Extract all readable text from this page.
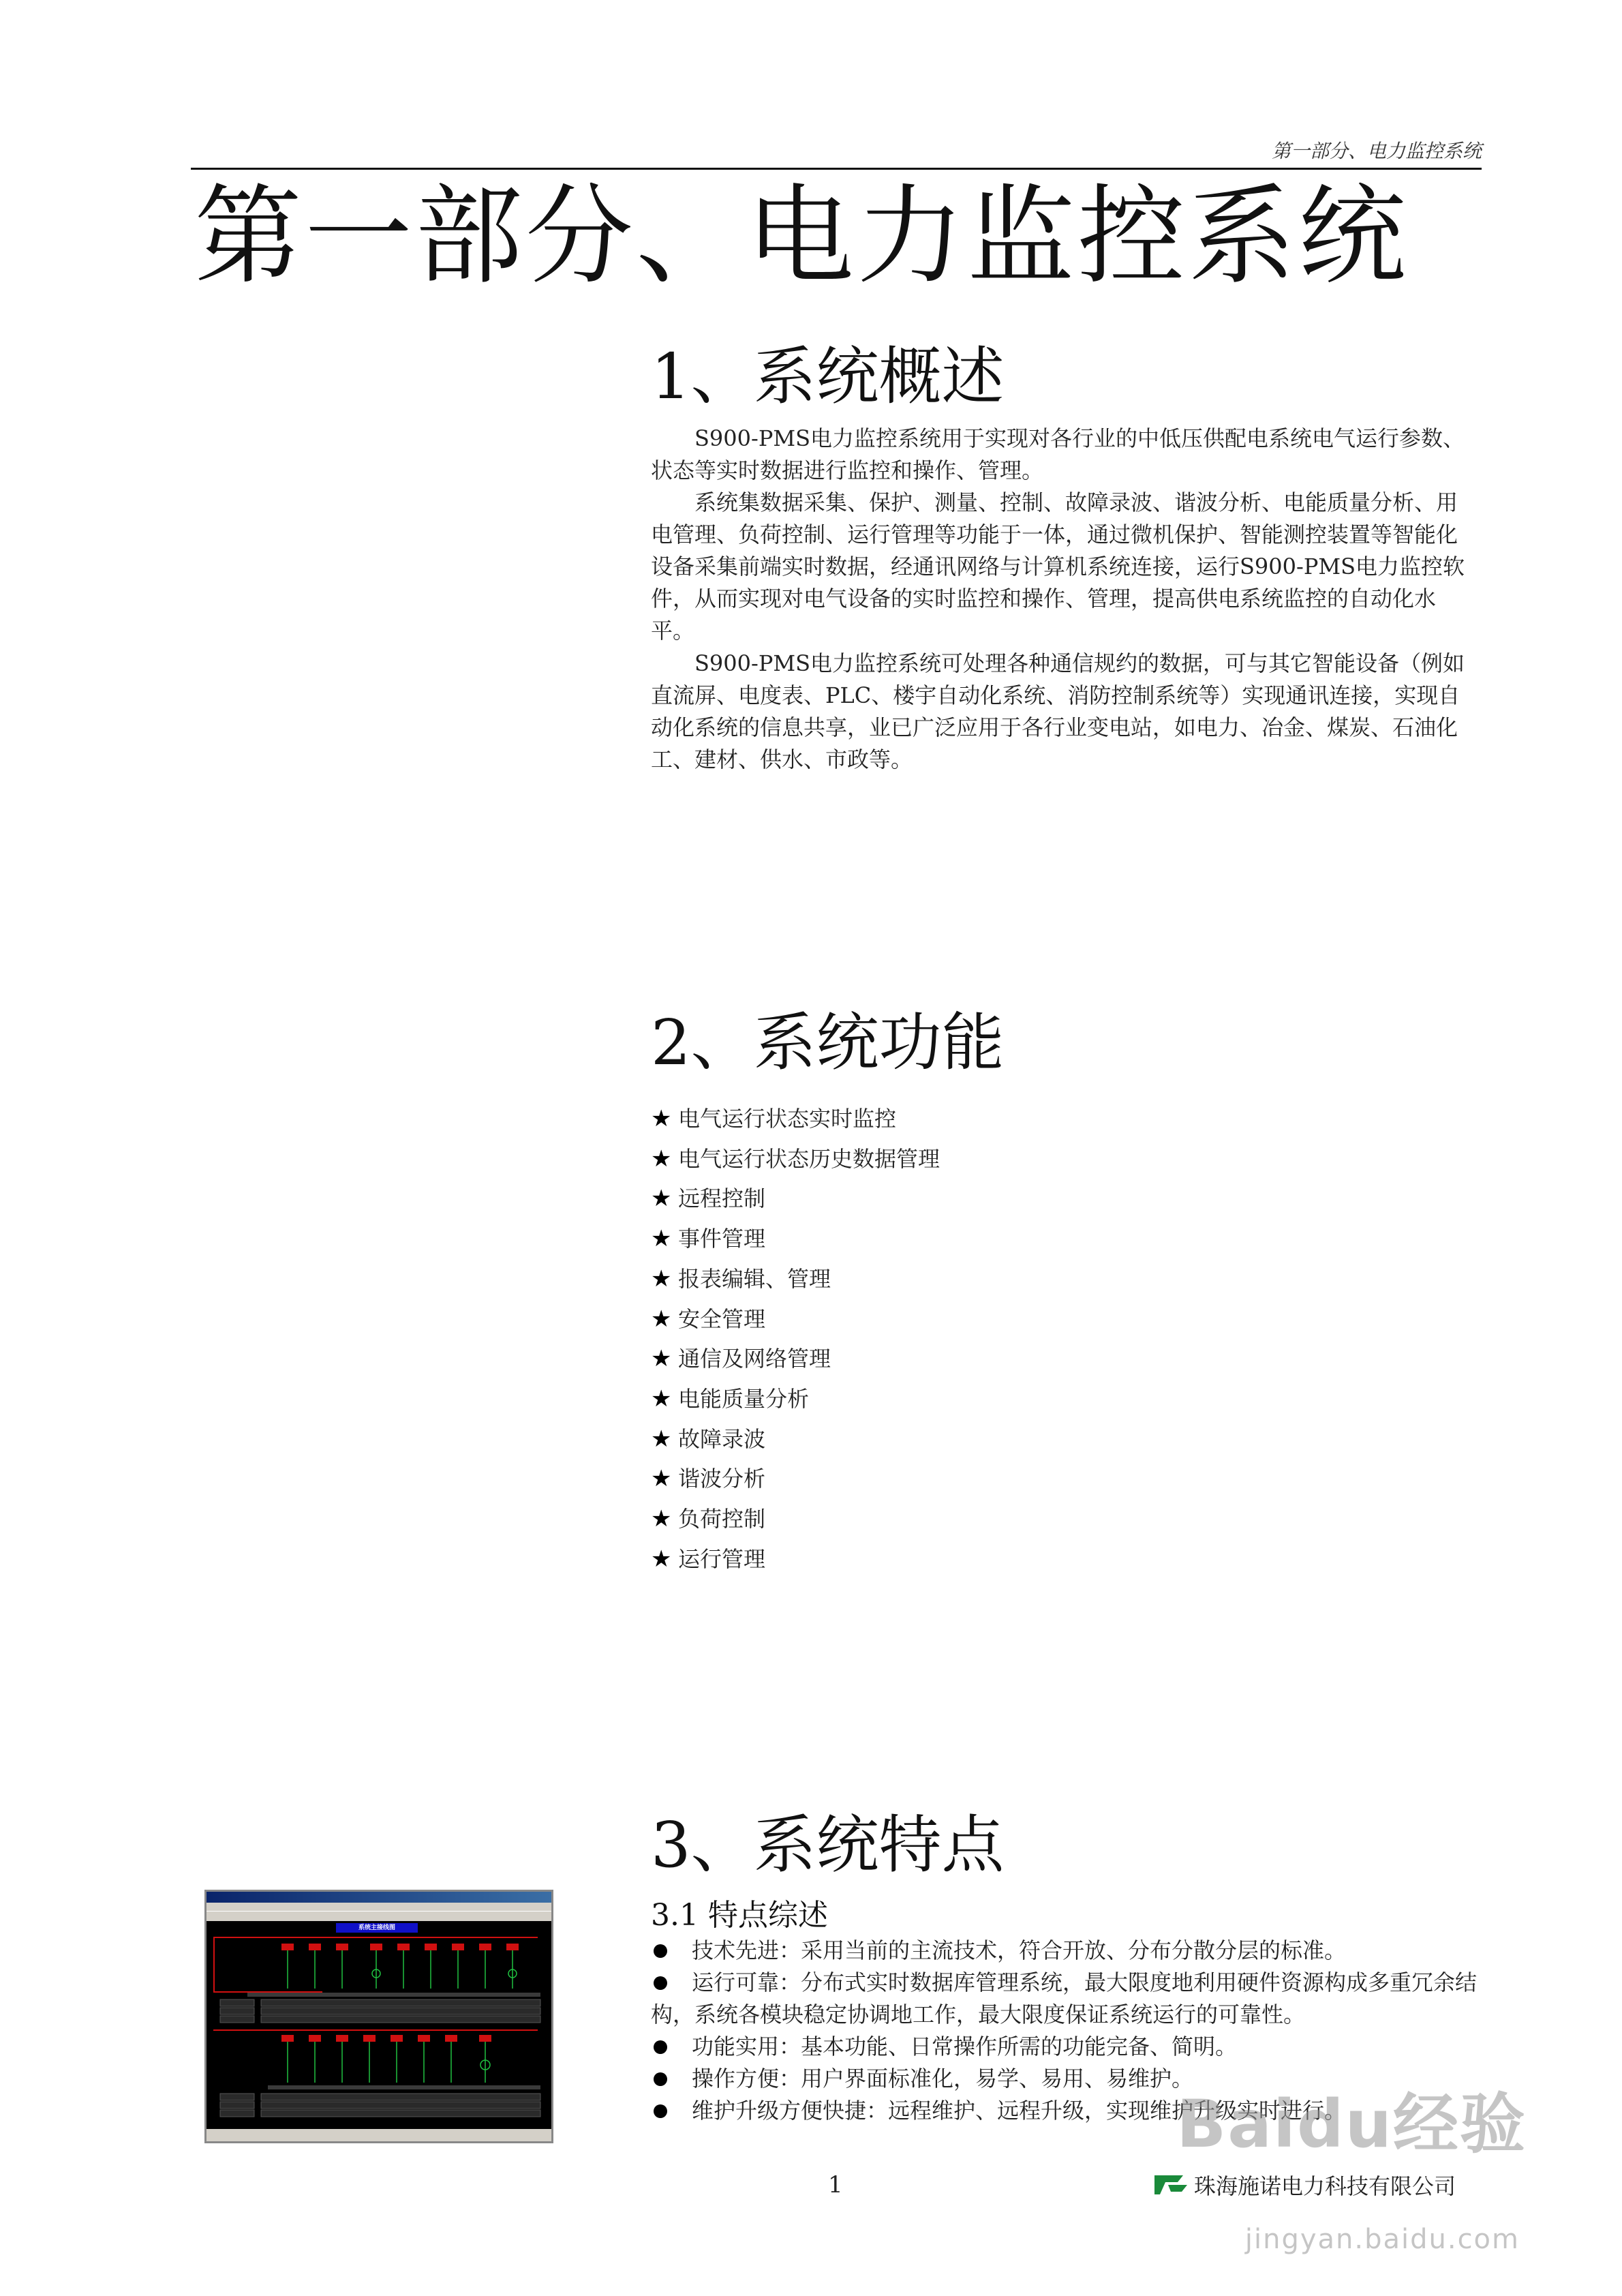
第一部分、电力监控系统
第一部分、电力监控系统
1、系统概述

S900-PMS电力监控系统用于实现对各行业的中低压供配电系统电气运行参数、状态等实时数据进行监控和操作、管理。

系统集数据采集、保护、测量、控制、故障录波、谐波分析、电能质量分析、用电管理、负荷控制、运行管理等功能于一体，通过微机保护、智能测控装置等智能化设备采集前端实时数据，经通讯网络与计算机系统连接，运行S900-PMS电力监控软件，从而实现对电气设备的实时监控和操作、管理，提高供电系统监控的自动化水平。

S900-PMS电力监控系统可处理各种通信规约的数据，可与其它智能设备（例如直流屏、电度表、PLC、楼宇自动化系统、消防控制系统等）实现通讯连接，实现自动化系统的信息共享，业已广泛应用于各行业变电站，如电力、冶金、煤炭、石油化工、建材、供水、市政等。

2、系统功能
★ 电气运行状态实时监控
★ 电气运行状态历史数据管理
★ 远程控制
★ 事件管理
★ 报表编辑、管理
★ 安全管理
★ 通信及网络管理
★ 电能质量分析
★ 故障录波
★ 谐波分析
★ 负荷控制
★ 运行管理
3、系统特点
3.1 特点综述
技术先进：采用当前的主流技术，符合开放、分布分散分层的标准。
运行可靠：分布式实时数据库管理系统，最大限度地利用硬件资源构成多重冗余结构，系统各模块稳定协调地工作，最大限度保证系统运行的可靠性。
功能实用：基本功能、日常操作所需的功能完备、简明。
操作方便：用户界面标准化，易学、易用、易维护。
维护升级方便快捷：远程维护、远程升级，实现维护升级实时进行。
系统主接线图
1	珠海施诺电力科技有限公司
Baidu经验
jingyan.baidu.com
